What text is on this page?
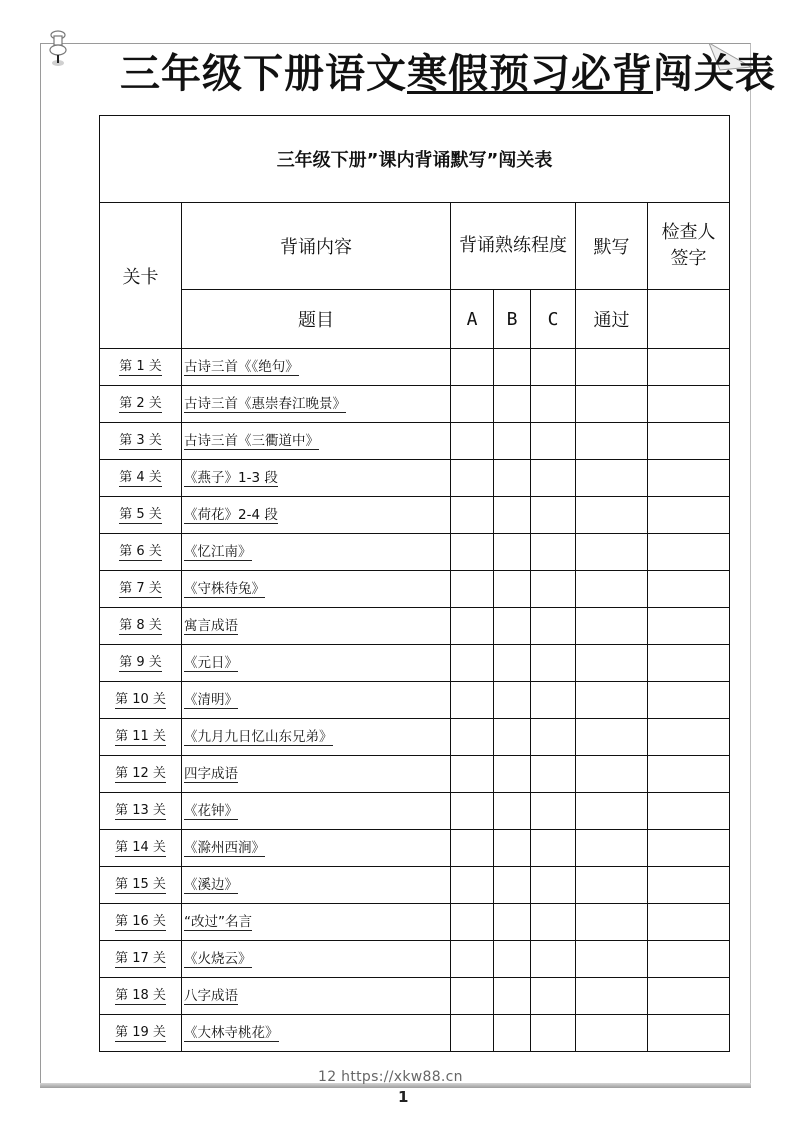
三年级下册语文寒假预习必背闯关表
三年级下册”课内背诵默写”闯关表						
关卡	背诵内容	背诵熟练程度			默写	检查人签字

	题目	A	B	C	通过	
第 1 关	古诗三首《《绝句》					
第 2 关	古诗三首《惠崇春江晚景》					
第 3 关	古诗三首《三衢道中》					
第 4 关	《燕子》1-3 段					
第 5 关	《荷花》2-4 段					
第 6 关	《忆江南》					
第 7 关	《守株待兔》					
第 8 关	寓言成语					
第 9 关	《元日》					
第 10 关	《清明》					
第 11 关	《九月九日忆山东兄弟》					
第 12 关	四字成语					
第 13 关	《花钟》					
第 14 关	《滁州西涧》					
第 15 关	《溪边》					
第 16 关	“改过”名言					
第 17 关	《火烧云》					
第 18 关	八字成语					
第 19 关	《大林寺桃花》					
12 https://xkw88.cn
1
